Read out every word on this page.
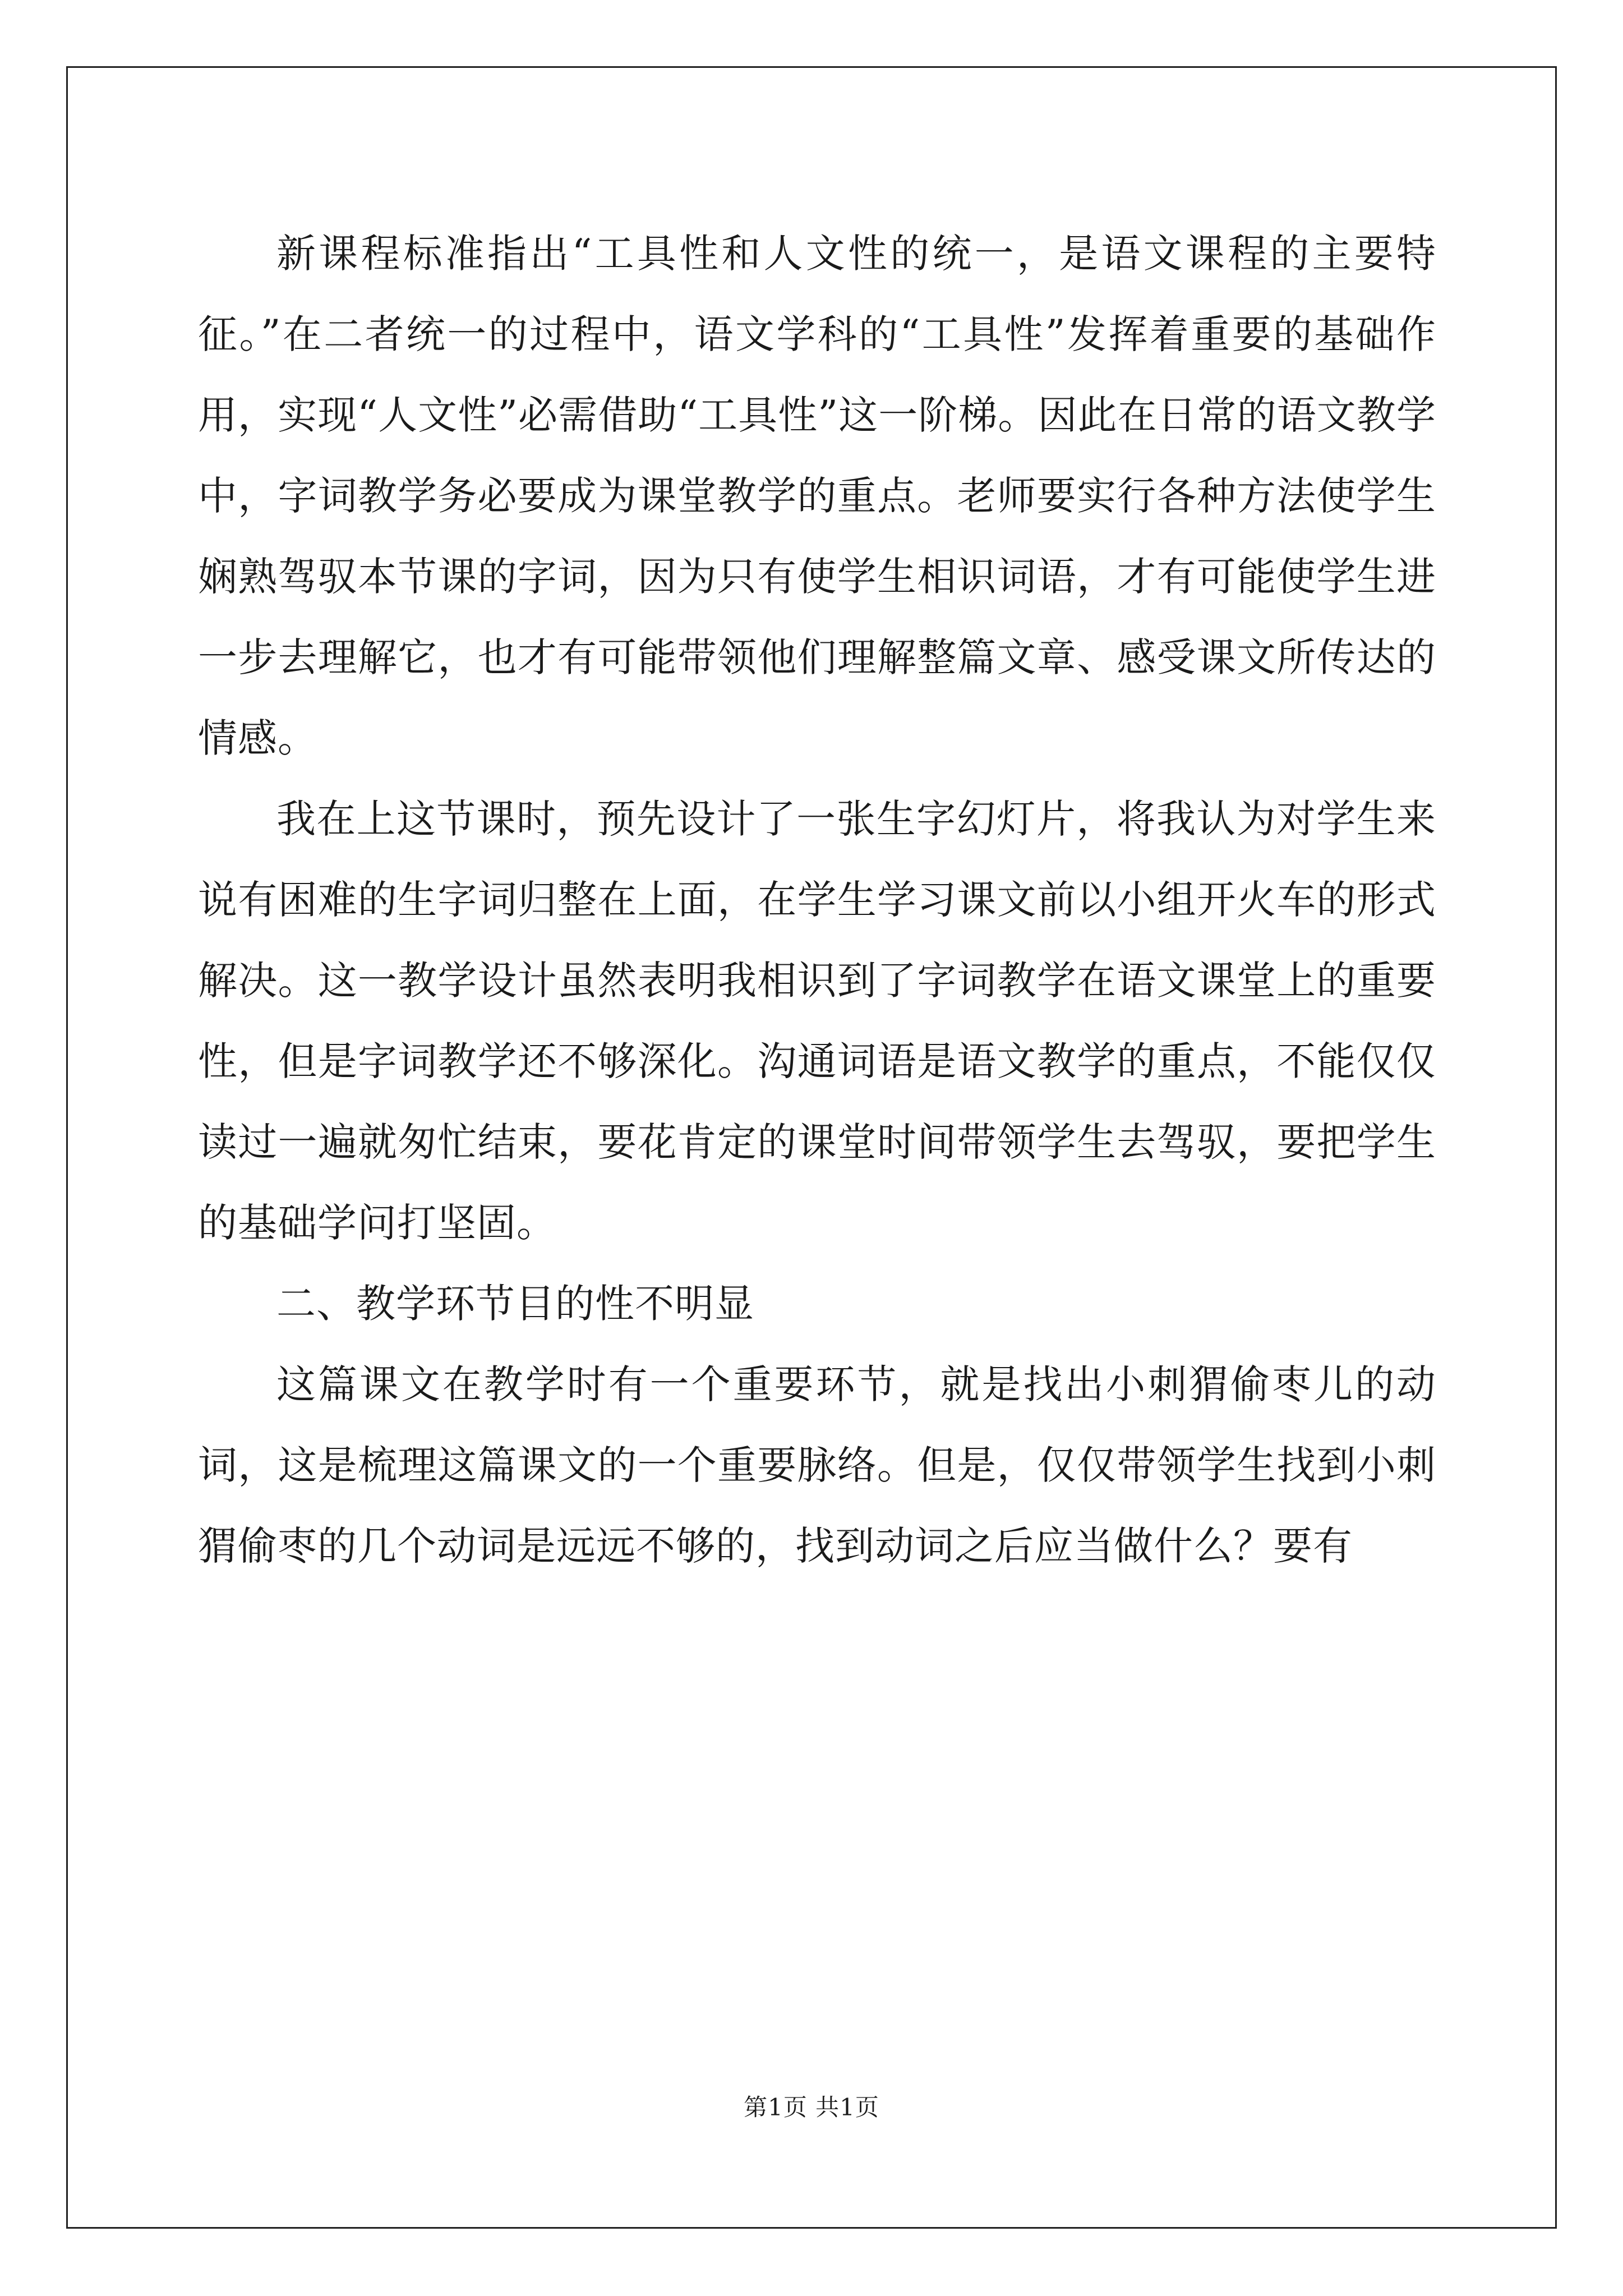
新课程标准指出“工具性和人文性的统一，是语文课程的主要特征。”在二者统一的过程中，语文学科的“工具性”发挥着重要的基础作用，实现“人文性”必需借助“工具性”这一阶梯。因此在日常的语文教学中，字词教学务必要成为课堂教学的重点。老师要实行各种方法使学生娴熟驾驭本节课的字词，因为只有使学生相识词语，才有可能使学生进一步去理解它，也才有可能带领他们理解整篇文章、感受课文所传达的情感。

我在上这节课时，预先设计了一张生字幻灯片，将我认为对学生来说有困难的生字词归整在上面，在学生学习课文前以小组开火车的形式解决。这一教学设计虽然表明我相识到了字词教学在语文课堂上的重要性，但是字词教学还不够深化。沟通词语是语文教学的重点，不能仅仅读过一遍就匆忙结束，要花肯定的课堂时间带领学生去驾驭，要把学生的基础学问打坚固。

二、教学环节目的性不明显

这篇课文在教学时有一个重要环节，就是找出小刺猬偷枣儿的动词，这是梳理这篇课文的一个重要脉络。但是，仅仅带领学生找到小刺猬偷枣的几个动词是远远不够的，找到动词之后应当做什么？要有

第1页 共1页
